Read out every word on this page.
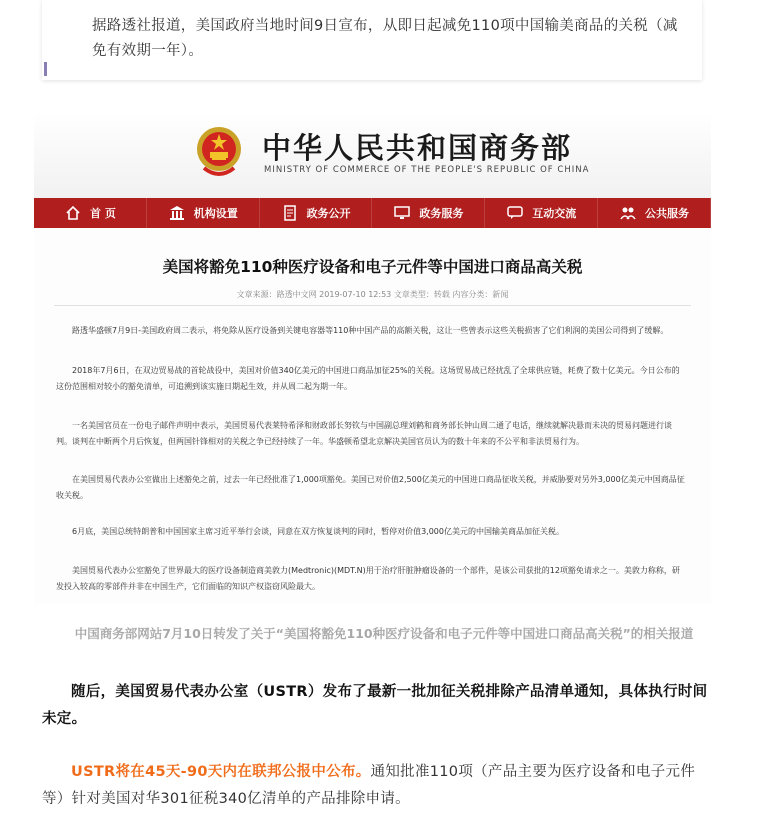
据路透社报道，美国政府当地时间9日宣布，从即日起减免110项中国输美商品的关税（减免有效期一年）。
中华人民共和国商务部
MINISTRY OF COMMERCE OF THE PEOPLE'S REPUBLIC OF CHINA
首 页	机构设置	政务公开	政务服务	互动交流	公共服务
美国将豁免110种医疗设备和电子元件等中国进口商品高关税
文章来源：路透中文网 2019-07-10 12:53 文章类型：转载 内容分类：新闻
路透华盛顿7月9日-美国政府周二表示，将免除从医疗设备到关键电容器等110种中国产品的高额关税，这让一些曾表示这些关税损害了它们利润的美国公司得到了缓解。
2018年7月6日，在双边贸易战的首轮战役中，美国对价值340亿美元的中国进口商品加征25%的关税。这场贸易战已经扰乱了全球供应链，耗费了数十亿美元。今日公布的这份范围相对较小的豁免清单，可追溯到该实施日期起生效，并从周二起为期一年。
一名美国官员在一份电子邮件声明中表示，美国贸易代表莱特希泽和财政部长努钦与中国副总理刘鹤和商务部长钟山周二通了电话，继续就解决悬而未决的贸易问题进行谈判。谈判在中断两个月后恢复，但两国针锋相对的关税之争已经持续了一年。华盛顿希望北京解决美国官员认为的数十年来的不公平和非法贸易行为。
在美国贸易代表办公室做出上述豁免之前，过去一年已经批准了1,000项豁免。美国已对价值2,500亿美元的中国进口商品征收关税，并威胁要对另外3,000亿美元中国商品征收关税。
6月底，美国总统特朗普和中国国家主席习近平举行会谈，同意在双方恢复谈判的同时，暂停对价值3,000亿美元的中国输美商品加征关税。
美国贸易代表办公室豁免了世界最大的医疗设备制造商美敦力(Medtronic)(MDT.N)用于治疗肝脏肿瘤设备的一个部件，是该公司获批的12项豁免请求之一。美敦力称称，研发投入较高的零部件并非在中国生产，它们面临的知识产权盗窃风险最大。
中国商务部网站7月10日转发了关于“美国将豁免110种医疗设备和电子元件等中国进口商品高关税”的相关报道
随后，美国贸易代表办公室（USTR）发布了最新一批加征关税排除产品清单通知，具体执行时间未定。
USTR将在45天-90天内在联邦公报中公布。通知批准110项（产品主要为医疗设备和电子元件等）针对美国对华301征税340亿清单的产品排除申请。
